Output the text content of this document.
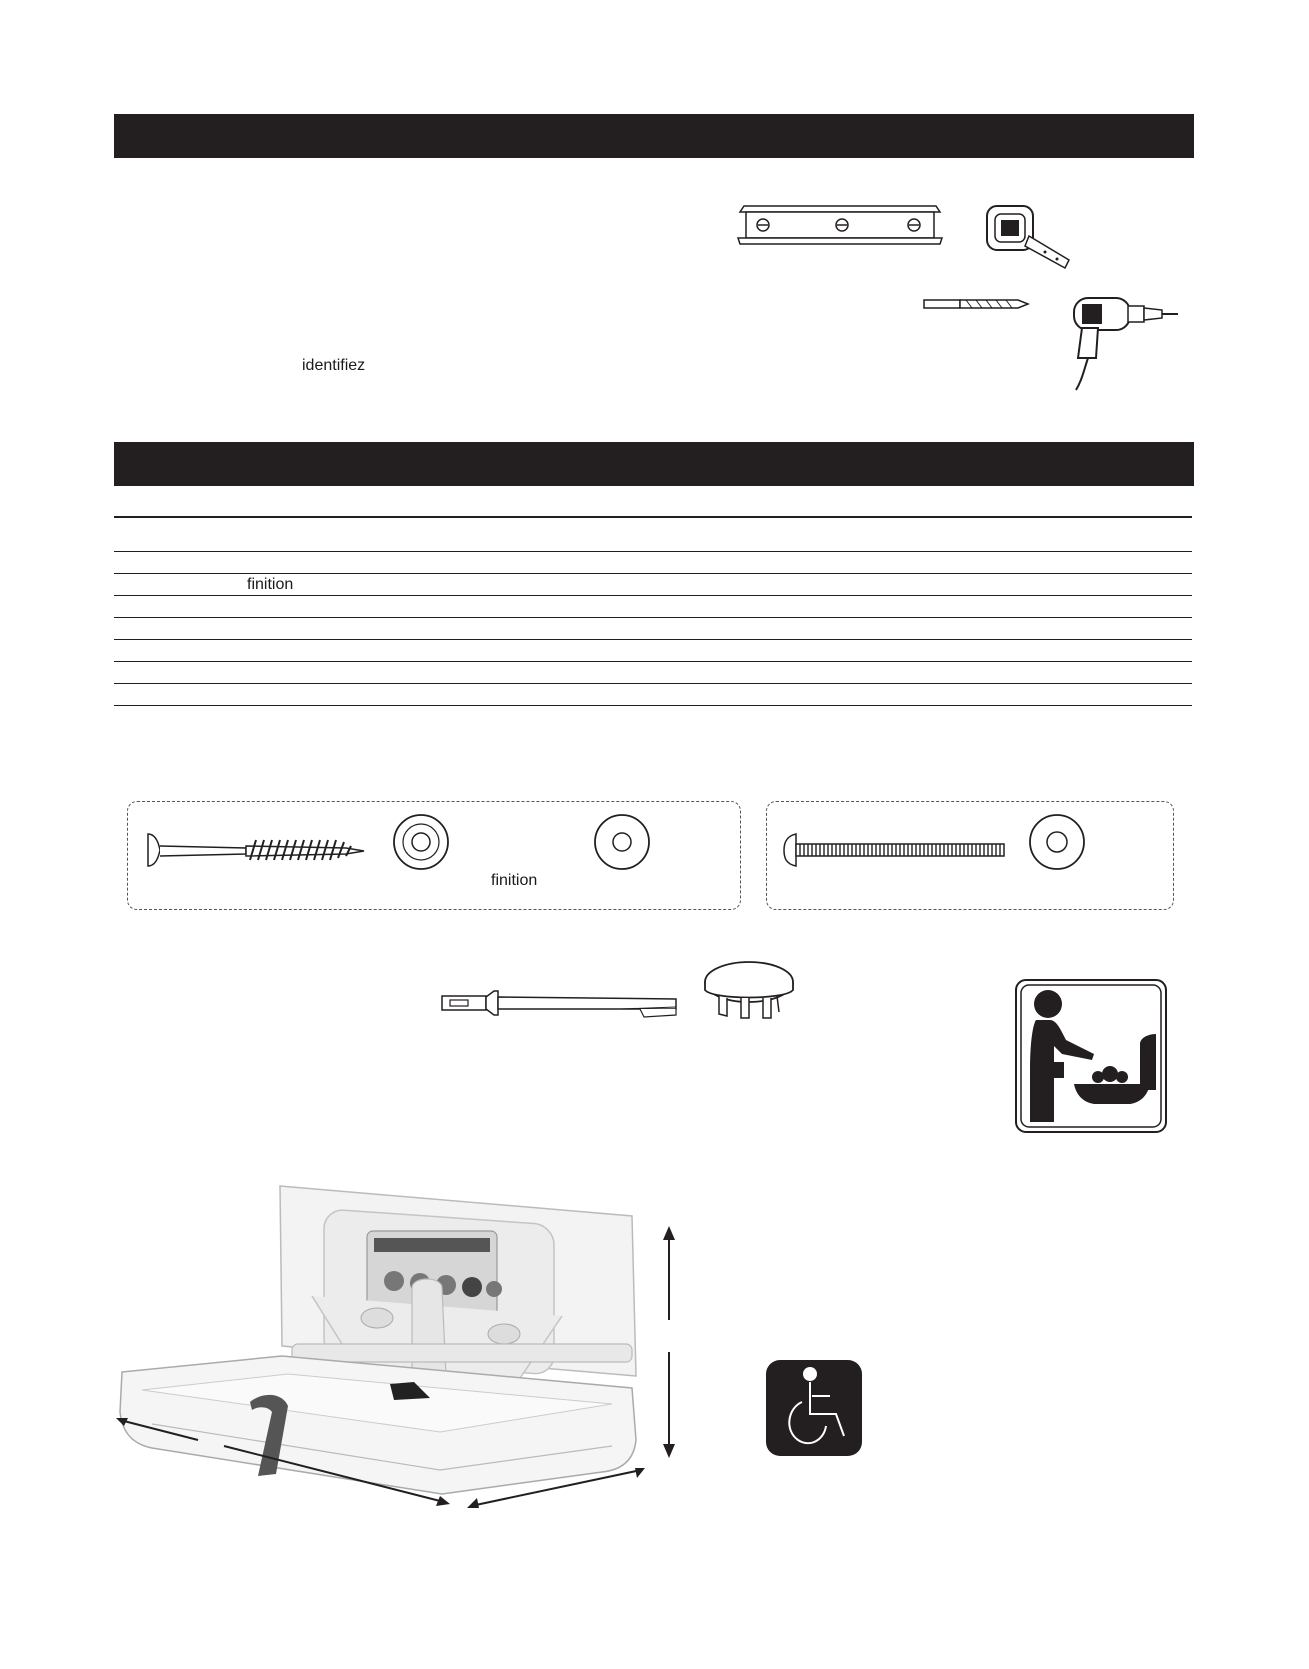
identifiez
finition
finition
